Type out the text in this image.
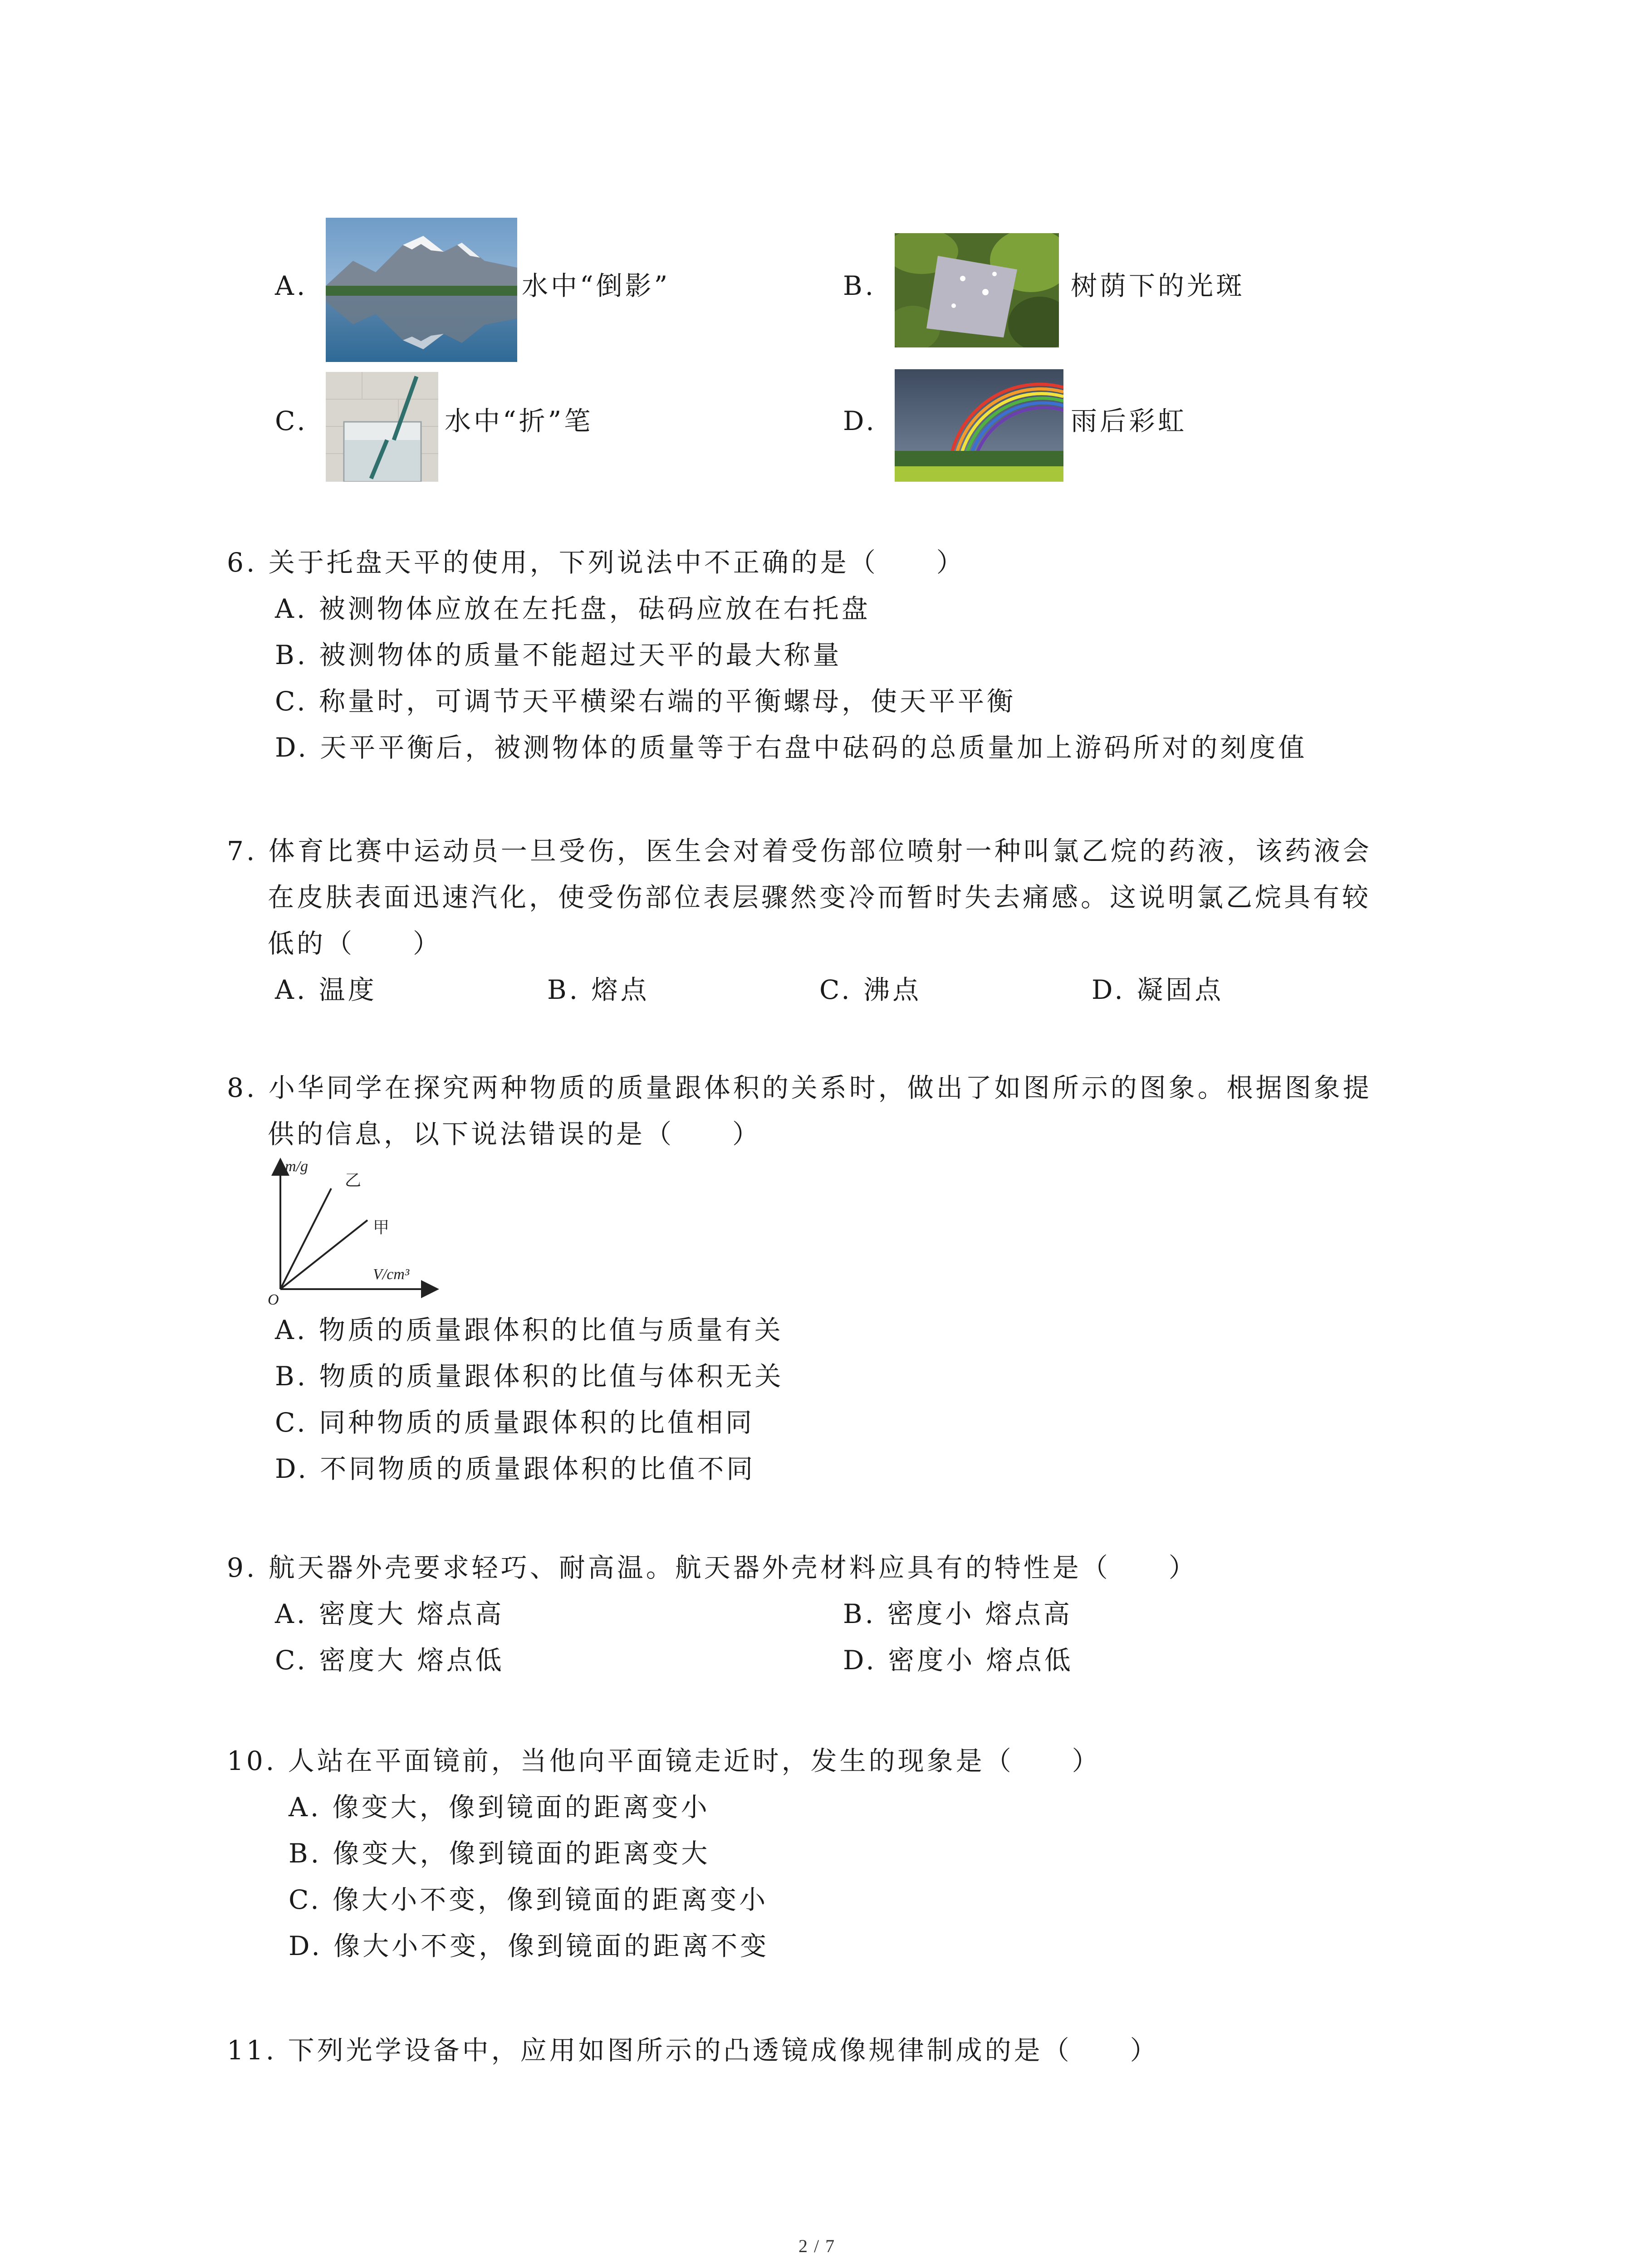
A.	水中“倒影”	B.	树荫下的光斑
C.	水中“折”笔	D.	雨后彩虹
6. 关于托盘天平的使用，下列说法中不正确的是（　　）
A. 被测物体应放在左托盘，砝码应放在右托盘
B. 被测物体的质量不能超过天平的最大称量
C. 称量时，可调节天平横梁右端的平衡螺母，使天平平衡
D. 天平平衡后，被测物体的质量等于右盘中砝码的总质量加上游码所对的刻度值
7. 体育比赛中运动员一旦受伤，医生会对着受伤部位喷射一种叫氯乙烷的药液，该药液会
在皮肤表面迅速汽化，使受伤部位表层骤然变冷而暂时失去痛感。这说明氯乙烷具有较
低的（　　）
A. 温度	B. 熔点	C. 沸点	D. 凝固点
8. 小华同学在探究两种物质的质量跟体积的关系时，做出了如图所示的图象。根据图象提
供的信息，以下说法错误的是（　　）
m/g
V/cm³
O
乙
甲
A. 物质的质量跟体积的比值与质量有关
B. 物质的质量跟体积的比值与体积无关
C. 同种物质的质量跟体积的比值相同
D. 不同物质的质量跟体积的比值不同
9. 航天器外壳要求轻巧、耐高温。航天器外壳材料应具有的特性是（　　）
A. 密度大 熔点高	B. 密度小 熔点高
C. 密度大 熔点低	D. 密度小 熔点低
10. 人站在平面镜前，当他向平面镜走近时，发生的现象是（　　）
A. 像变大，像到镜面的距离变小
B. 像变大，像到镜面的距离变大
C. 像大小不变，像到镜面的距离变小
D. 像大小不变，像到镜面的距离不变
11. 下列光学设备中，应用如图所示的凸透镜成像规律制成的是（　　）
2 / 7
